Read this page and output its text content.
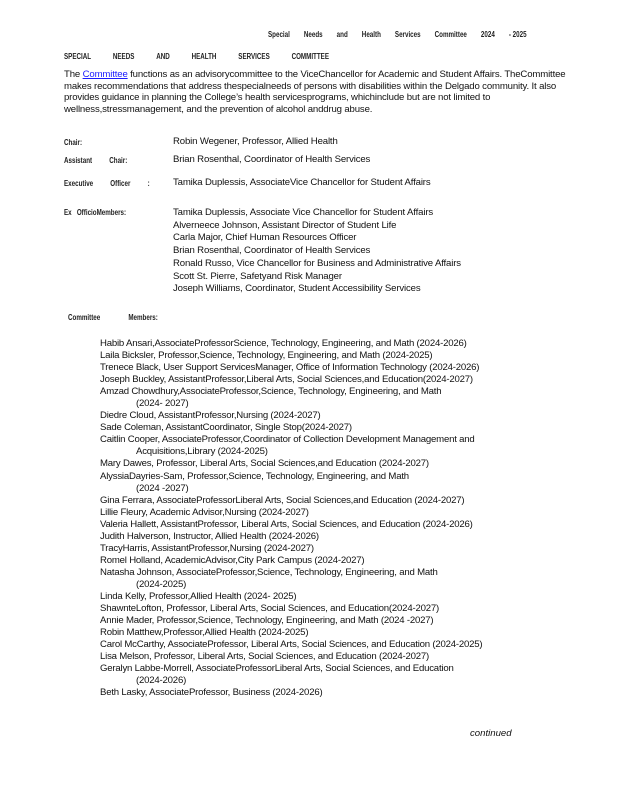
Special Needs and Health Services Committee 2024 - 2025
SPECIAL	NEEDS	AND	HEALTH	SERVICES	COMMITTEE
The Committee functions as an advisorycommittee to the ViceChancellor for Academic and Student Affairs. TheCommittee makes recommendations that address thespecialneeds of persons with disabilities within the Delgado community. It also provides guidance in planning the College’s health servicesprograms, whichinclude but are not limited to wellness,stressmanagement, and the prevention of alcohol anddrug abuse.
Chair:	Robin Wegener, Professor, Allied Health
Assistant Chair:	Brian Rosenthal, Coordinator of Health Services
Executive Officer :	Tamika Duplessis, AssociateVice Chancellor for Student Affairs
Ex   OfficioMembers:	Tamika Duplessis, Associate Vice Chancellor for Student Affairs
Alverneece Johnson, Assistant Director of Student Life
Carla Major, Chief Human Resources Officer
Brian Rosenthal, Coordinator of Health Services
Ronald Russo, Vice Chancellor for Business and Administrative Affairs
Scott St. Pierre, Safetyand Risk Manager
Joseph Williams, Coordinator, Student Accessibility Services
Committee	Members:
Habib Ansari,AssociateProfessorScience, Technology, Engineering, and Math (2024-2026)
Laila Bicksler, Professor,Science, Technology, Engineering, and Math (2024-2025)
Trenece Black, User Support ServicesManager, Office of Information Technology (2024-2026)
Joseph Buckley, AssistantProfessor,Liberal Arts, Social Sciences,and Education(2024-2027)
Amzad Chowdhury,AssociateProfessor,Science, Technology, Engineering, and Math
(2024- 2027)
Diedre Cloud, AssistantProfessor,Nursing (2024-2027)
Sade Coleman, AssistantCoordinator, Single Stop(2024-2027)
Caitlin Cooper, AssociateProfessor,Coordinator of Collection Development Management and
Acquisitions,Library (2024-2025)
Mary Dawes, Professor, Liberal Arts, Social Sciences,and Education (2024-2027)
AlyssiaDayries-Sam, Professor,Science, Technology, Engineering, and Math
(2024 -2027)
Gina Ferrara, AssociateProfessorLiberal Arts, Social Sciences,and Education (2024-2027)
Lillie Fleury, Academic Advisor,Nursing (2024-2027)
Valeria Hallett, AssistantProfessor, Liberal Arts, Social Sciences, and Education (2024-2026)
Judith Halverson, Instructor, Allied Health (2024-2026)
TracyHarris, AssistantProfessor,Nursing (2024-2027)
Romel Holland, AcademicAdvisor,City Park Campus (2024-2027)
Natasha Johnson, AssociateProfessor,Science, Technology, Engineering, and Math
(2024-2025)
Linda Kelly, Professor,Allied Health (2024- 2025)
ShawnteLofton, Professor, Liberal Arts, Social Sciences, and Education(2024-2027)
Annie Mader, Professor,Science, Technology, Engineering, and Math (2024 -2027)
Robin Matthew,Professor,Allied Health (2024-2025)
Carol McCarthy, AssociateProfessor, Liberal Arts, Social Sciences, and Education (2024-2025)
Lisa Melson, Professor, Liberal Arts, Social Sciences, and Education (2024-2027)
Geralyn Labbe-Morrell, AssociateProfessorLiberal Arts, Social Sciences, and Education
(2024-2026)
Beth Lasky, AssociateProfessor, Business (2024-2026)
continued
